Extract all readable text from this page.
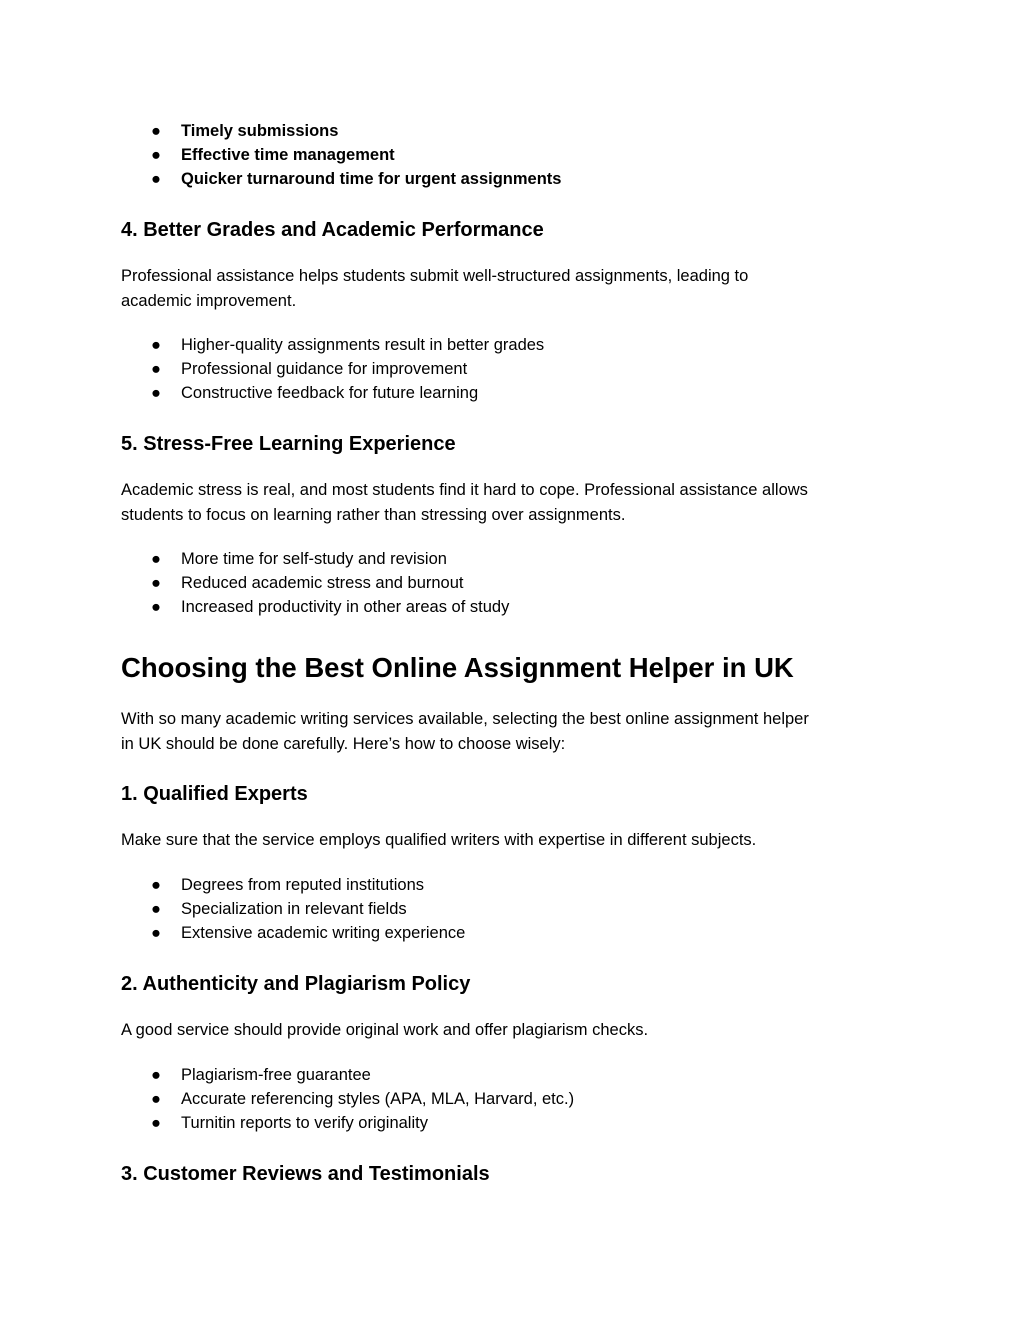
● Timely submissions
● Effective time management
● Quicker turnaround time for urgent assignments
4. Better Grades and Academic Performance

Professional assistance helps students submit well-structured assignments, leading to
academic improvement.

● Higher-quality assignments result in better grades
● Professional guidance for improvement
● Constructive feedback for future learning
5. Stress-Free Learning Experience

Academic stress is real, and most students find it hard to cope. Professional assistance allows
students to focus on learning rather than stressing over assignments.

● More time for self-study and revision
● Reduced academic stress and burnout
● Increased productivity in other areas of study
Choosing the Best Online Assignment Helper in UK

With so many academic writing services available, selecting the best online assignment helper
in UK should be done carefully. Here’s how to choose wisely:

1. Qualified Experts

Make sure that the service employs qualified writers with expertise in different subjects.

● Degrees from reputed institutions
● Specialization in relevant fields
● Extensive academic writing experience
2. Authenticity and Plagiarism Policy

A good service should provide original work and offer plagiarism checks.

● Plagiarism-free guarantee
● Accurate referencing styles (APA, MLA, Harvard, etc.)
● Turnitin reports to verify originality
3. Customer Reviews and Testimonials
